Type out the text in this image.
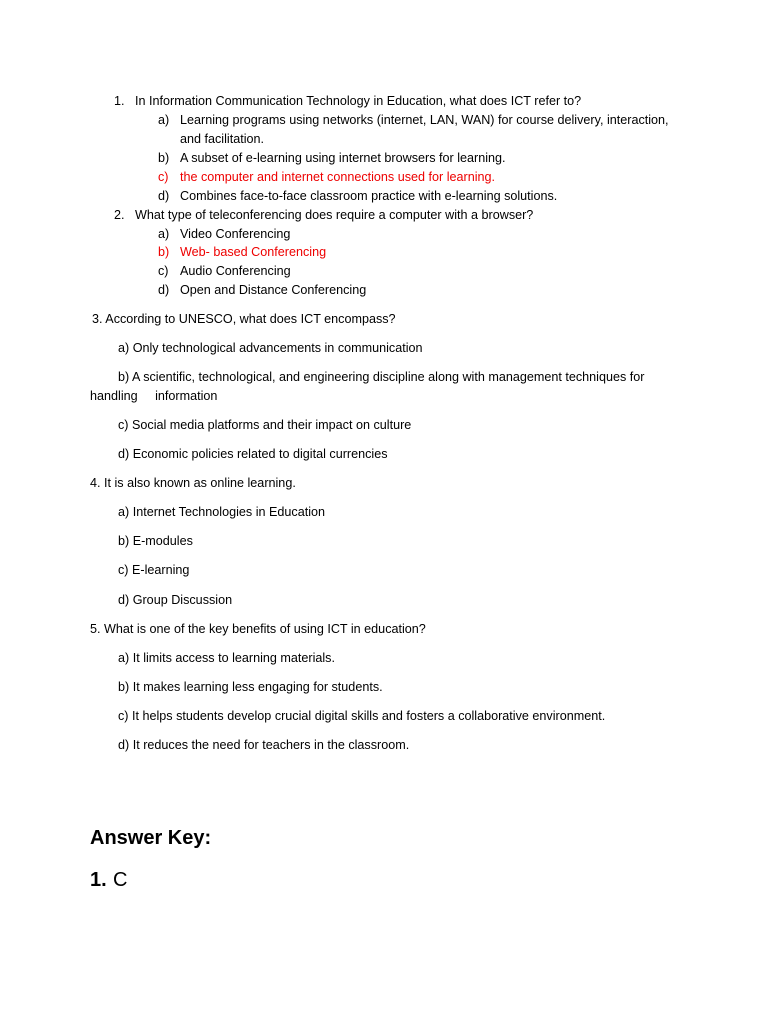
1. In Information Communication Technology in Education, what does ICT refer to?
a) Learning programs using networks (internet, LAN, WAN) for course delivery, interaction,
and facilitation.
b) A subset of e-learning using internet browsers for learning.
c) the computer and internet connections used for learning.
d) Combines face-to-face classroom practice with e-learning solutions.
2. What type of teleconferencing does require a computer with a browser?
a) Video Conferencing
b) Web- based Conferencing
c) Audio Conferencing
d) Open and Distance Conferencing
3. According to UNESCO, what does ICT encompass?
a) Only technological advancements in communication
b) A scientific, technological, and engineering discipline along with management techniques for
handling     information
c) Social media platforms and their impact on culture
d) Economic policies related to digital currencies
4. It is also known as online learning.
a) Internet Technologies in Education
b) E-modules
c) E-learning
d) Group Discussion
5. What is one of the key benefits of using ICT in education?
a) It limits access to learning materials.
b) It makes learning less engaging for students.
c) It helps students develop crucial digital skills and fosters a collaborative environment.
d) It reduces the need for teachers in the classroom.
Answer Key:
1. C
